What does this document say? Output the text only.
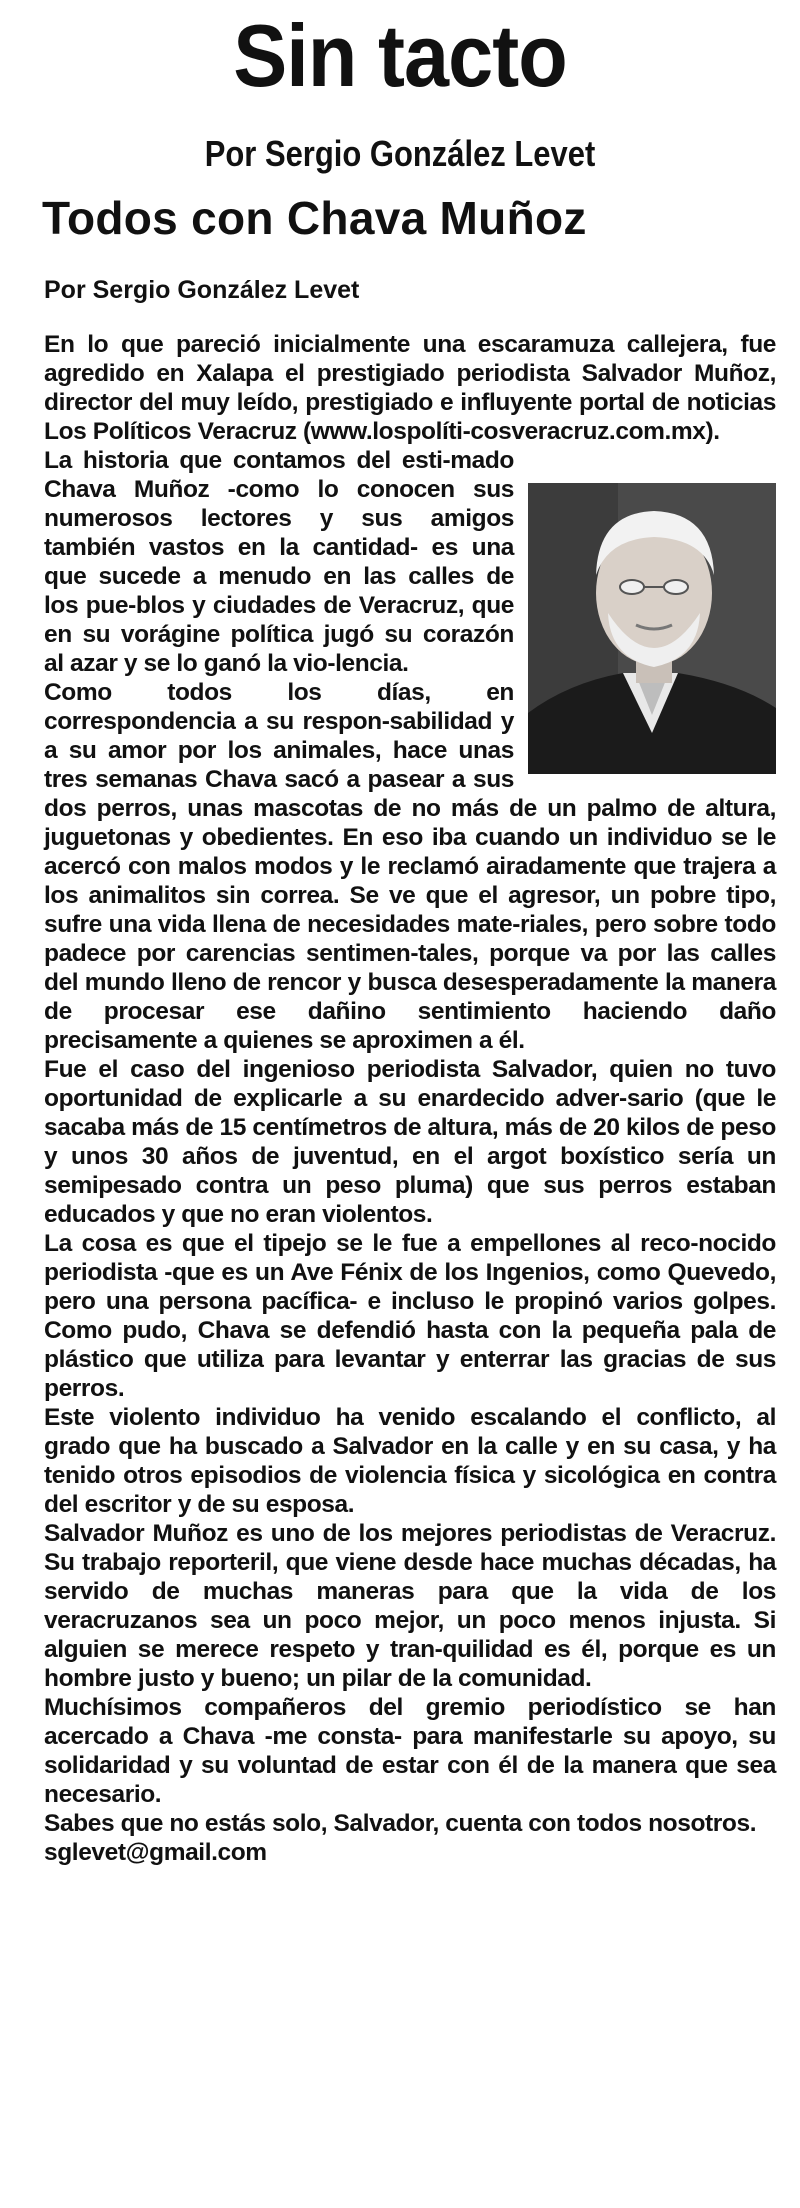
Sin tacto
Por Sergio González Levet
Todos con Chava Muñoz
Por Sergio González Levet

En lo que pareció inicialmente una escaramuza callejera, fue agredido en Xalapa el prestigiado periodista Salvador Muñoz, director del muy leído, prestigiado e influyente portal de noticias Los Políticos Veracruz (www.lospolíti-cosveracruz.com.mx).

La historia que contamos del esti-mado Chava Muñoz -como lo conocen sus numerosos lectores y sus amigos también vastos en la cantidad- es una que sucede a menudo en las calles de los pue-blos y ciudades de Veracruz, que en su vorágine política jugó su corazón al azar y se lo ganó la vio-lencia.

Como todos los días, en correspondencia a su respon-sabilidad y a su amor por los animales, hace unas tres semanas Chava sacó a pasear a sus dos perros, unas mascotas de no más de un palmo de altura, juguetonas y obedientes. En eso iba cuando un individuo se le acercó con malos modos y le reclamó airadamente que trajera a los animalitos sin correa. Se ve que el agresor, un pobre tipo, sufre una vida llena de necesidades mate-riales, pero sobre todo padece por carencias sentimen-tales, porque va por las calles del mundo lleno de rencor y busca desesperadamente la manera de procesar ese dañino sentimiento haciendo daño precisamente a quienes se aproximen a él.

Fue el caso del ingenioso periodista Salvador, quien no tuvo oportunidad de explicarle a su enardecido adver-sario (que le sacaba más de 15 centímetros de altura, más de 20 kilos de peso y unos 30 años de juventud, en el argot boxístico sería un semipesado contra un peso pluma) que sus perros estaban educados y que no eran violentos.

La cosa es que el tipejo se le fue a empellones al reco-nocido periodista -que es un Ave Fénix de los Ingenios, como Quevedo, pero una persona pacífica- e incluso le propinó varios golpes. Como pudo, Chava se defendió hasta con la pequeña pala de plástico que utiliza para levantar y enterrar las gracias de sus perros.

Este violento individuo ha venido escalando el conflicto, al grado que ha buscado a Salvador en la calle y en su casa, y ha tenido otros episodios de violencia física y sicológica en contra del escritor y de su esposa.

Salvador Muñoz es uno de los mejores periodistas de Veracruz. Su trabajo reporteril, que viene desde hace muchas décadas, ha servido de muchas maneras para que la vida de los veracruzanos sea un poco mejor, un poco menos injusta. Si alguien se merece respeto y tran-quilidad es él, porque es un hombre justo y bueno; un pilar de la comunidad.

Muchísimos compañeros del gremio periodístico se han acercado a Chava -me consta- para manifestarle su apoyo, su solidaridad y su voluntad de estar con él de la manera que sea necesario.

Sabes que no estás solo, Salvador, cuenta con todos nosotros.

sglevet@gmail.com
